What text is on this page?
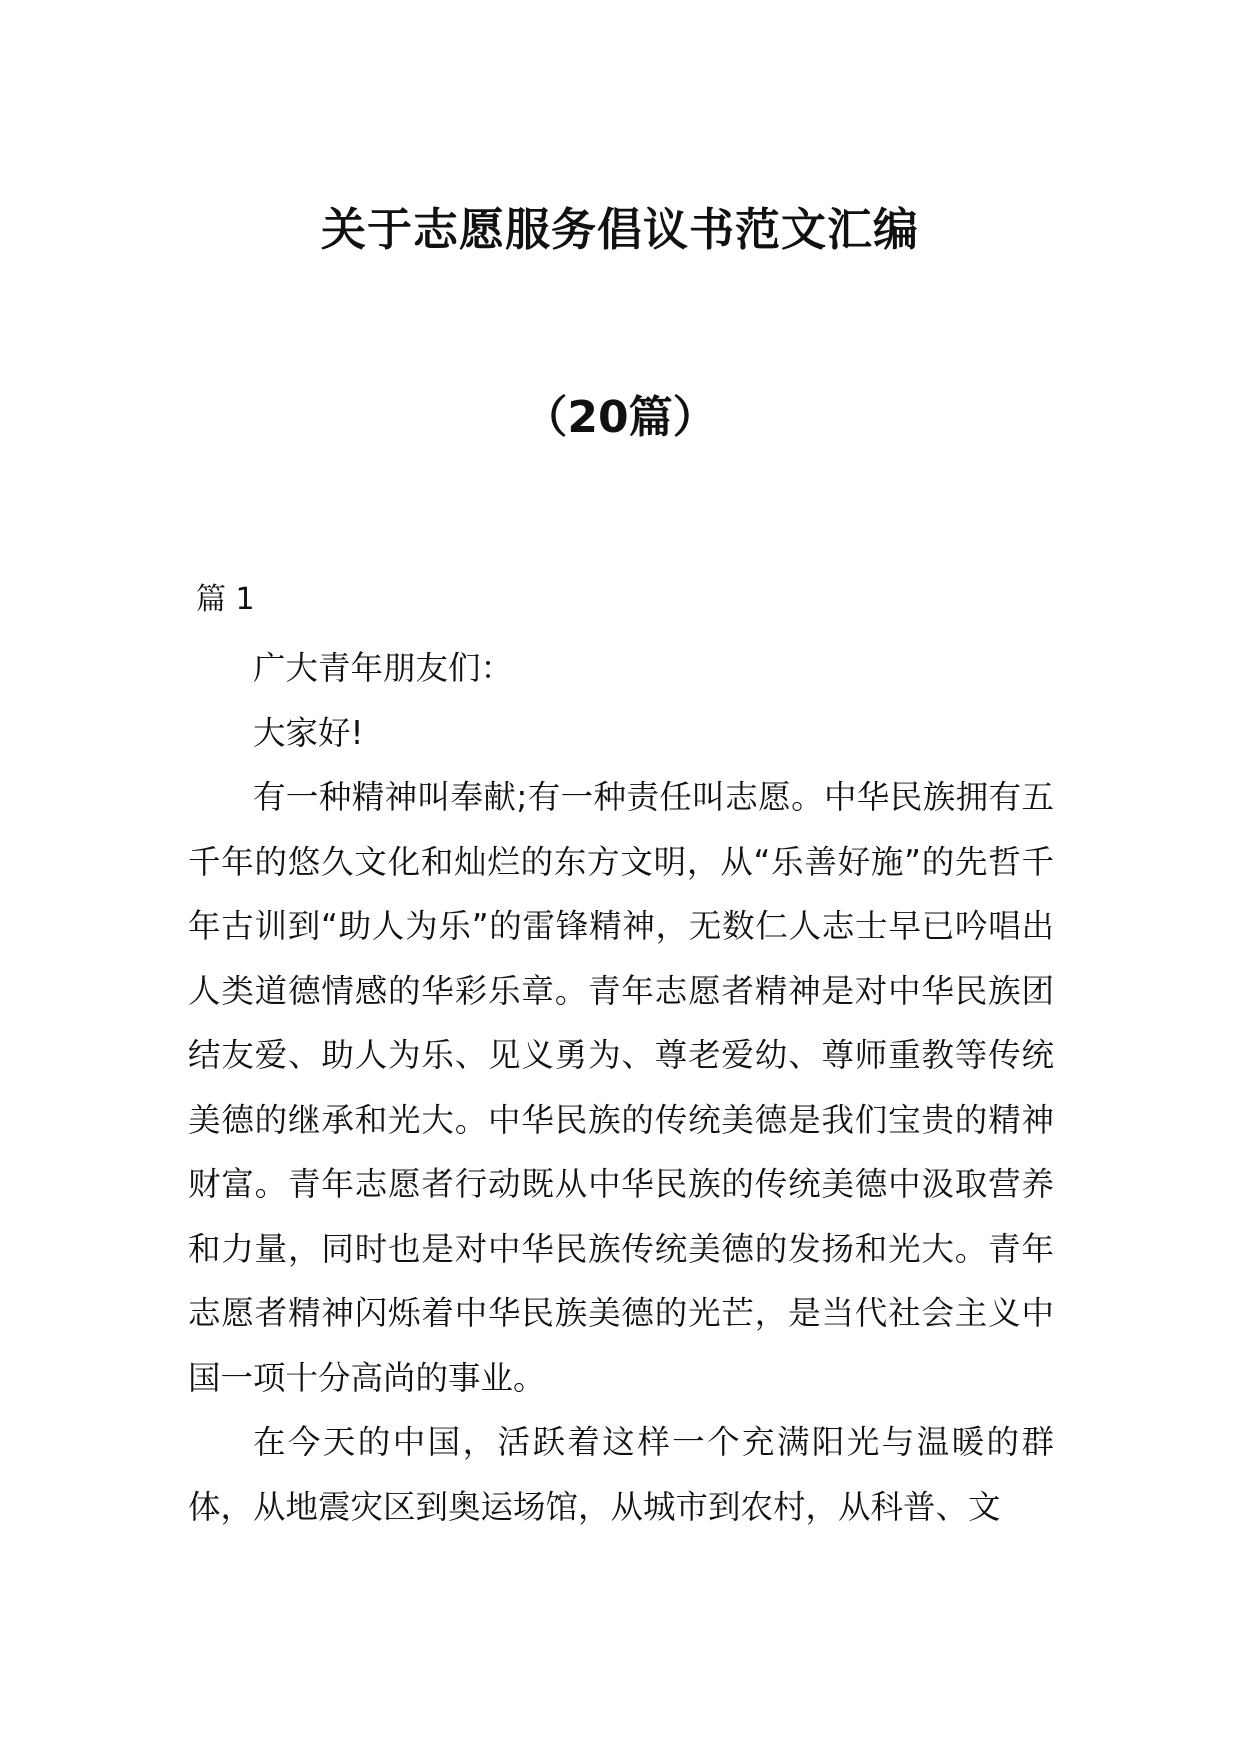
关于志愿服务倡议书范文汇编
（20篇）
篇 1

广大青年朋友们：

大家好!

有一种精神叫奉献;有一种责任叫志愿。中华民族拥有五千年的悠久文化和灿烂的东方文明，从“乐善好施”的先哲千年古训到“助人为乐”的雷锋精神，无数仁人志士早已吟唱出人类道德情感的华彩乐章。青年志愿者精神是对中华民族团结友爱、助人为乐、见义勇为、尊老爱幼、尊师重教等传统美德的继承和光大。中华民族的传统美德是我们宝贵的精神财富。青年志愿者行动既从中华民族的传统美德中汲取营养和力量，同时也是对中华民族传统美德的发扬和光大。青年志愿者精神闪烁着中华民族美德的光芒，是当代社会主义中国一项十分高尚的事业。

在今天的中国，活跃着这样一个充满阳光与温暖的群体，从地震灾区到奥运场馆，从城市到农村，从科普、文
